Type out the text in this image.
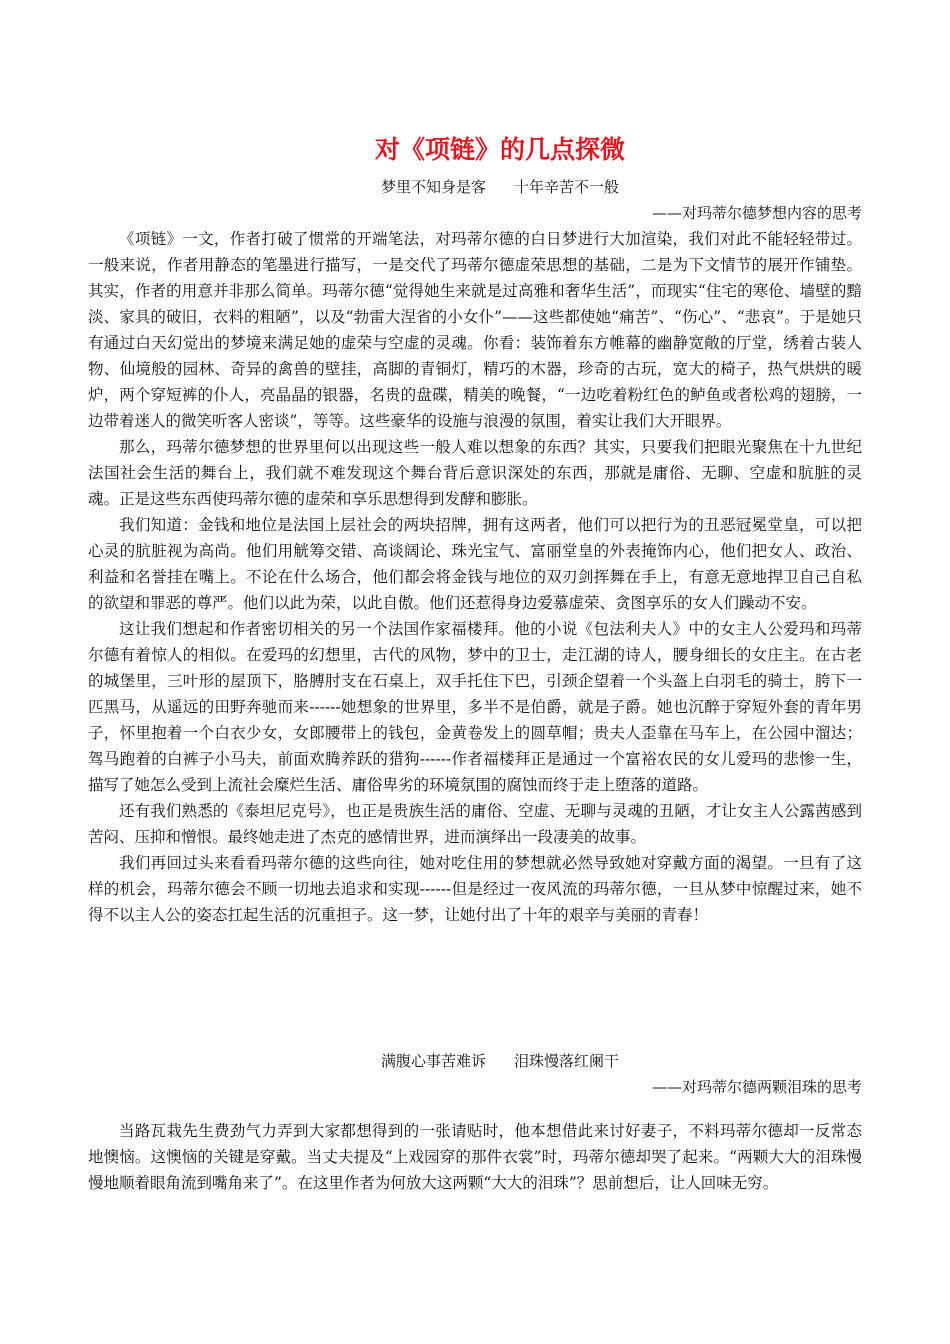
对《项链》的几点探微
梦里不知身是客 十年辛苦不一般
——对玛蒂尔德梦想内容的思考

《项链》一文，作者打破了惯常的开端笔法，对玛蒂尔德的白日梦进行大加渲染，我们对此不能轻轻带过。一般来说，作者用静态的笔墨进行描写，一是交代了玛蒂尔德虚荣思想的基础，二是为下文情节的展开作铺垫。其实，作者的用意并非那么简单。玛蒂尔德“觉得她生来就是过高雅和奢华生活”，而现实“住宅的寒伧、墙壁的黯淡、家具的破旧，衣料的粗陋”，以及“勃雷大涅省的小女仆”——这些都使她“痛苦”、“伤心”、“悲哀”。于是她只有通过白天幻觉出的梦境来满足她的虚荣与空虚的灵魂。你看：装饰着东方帷幕的幽静宽敞的厅堂，绣着古装人物、仙境般的园林、奇异的禽兽的壁挂，高脚的青铜灯，精巧的木器，珍奇的古玩，宽大的椅子，热气烘烘的暖炉，两个穿短裤的仆人，亮晶晶的银器，名贵的盘碟，精美的晚餐，“一边吃着粉红色的鲈鱼或者松鸡的翅膀，一边带着迷人的微笑听客人密谈”，等等。这些豪华的设施与浪漫的氛围，着实让我们大开眼界。

那么，玛蒂尔德梦想的世界里何以出现这些一般人难以想象的东西？其实，只要我们把眼光聚焦在十九世纪法国社会生活的舞台上，我们就不难发现这个舞台背后意识深处的东西，那就是庸俗、无聊、空虚和肮脏的灵魂。正是这些东西使玛蒂尔德的虚荣和享乐思想得到发酵和膨胀。

我们知道：金钱和地位是法国上层社会的两块招牌，拥有这两者，他们可以把行为的丑恶冠冕堂皇，可以把心灵的肮脏视为高尚。他们用觥筹交错、高谈阔论、珠光宝气、富丽堂皇的外表掩饰内心，他们把女人、政治、利益和名誉挂在嘴上。不论在什么场合，他们都会将金钱与地位的双刃剑挥舞在手上，有意无意地捍卫自己自私的欲望和罪恶的尊严。他们以此为荣，以此自傲。他们还惹得身边爱慕虚荣、贪图享乐的女人们躁动不安。

这让我们想起和作者密切相关的另一个法国作家福楼拜。他的小说《包法利夫人》中的女主人公爱玛和玛蒂尔德有着惊人的相似。在爱玛的幻想里，古代的风物，梦中的卫士，走江湖的诗人，腰身细长的女庄主。在古老的城堡里，三叶形的屋顶下，胳膊肘支在石桌上，双手托住下巴，引颈企望着一个头盔上白羽毛的骑士，胯下一匹黑马，从遥远的田野奔驰而来------她想象的世界里，多半不是伯爵，就是子爵。她也沉醉于穿短外套的青年男子，怀里抱着一个白衣少女，女郎腰带上的钱包，金黄卷发上的圆草帽；贵夫人歪靠在马车上，在公园中溜达；驾马跑着的白裤子小马夫，前面欢腾养跃的猎狗------作者福楼拜正是通过一个富裕农民的女儿爱玛的悲惨一生，描写了她怎么受到上流社会糜烂生活、庸俗卑劣的环境氛围的腐蚀而终于走上堕落的道路。

还有我们熟悉的《泰坦尼克号》，也正是贵族生活的庸俗、空虚、无聊与灵魂的丑陋，才让女主人公露茜感到苦闷、压抑和憎恨。最终她走进了杰克的感情世界，进而演绎出一段凄美的故事。

我们再回过头来看看玛蒂尔德的这些向往，她对吃住用的梦想就必然导致她对穿戴方面的渴望。一旦有了这样的机会，玛蒂尔德会不顾一切地去追求和实现------但是经过一夜风流的玛蒂尔德，一旦从梦中惊醒过来，她不得不以主人公的姿态扛起生活的沉重担子。这一梦，让她付出了十年的艰辛与美丽的青春！

满腹心事苦难诉 泪珠慢落红阑干
——对玛蒂尔德两颗泪珠的思考

当路瓦栽先生费劲气力弄到大家都想得到的一张请贴时，他本想借此来讨好妻子，不料玛蒂尔德却一反常态地懊恼。这懊恼的关键是穿戴。当丈夫提及“上戏园穿的那件衣裳”时，玛蒂尔德却哭了起来。“两颗大大的泪珠慢慢地顺着眼角流到嘴角来了”。在这里作者为何放大这两颗“大大的泪珠”？思前想后，让人回味无穷。
